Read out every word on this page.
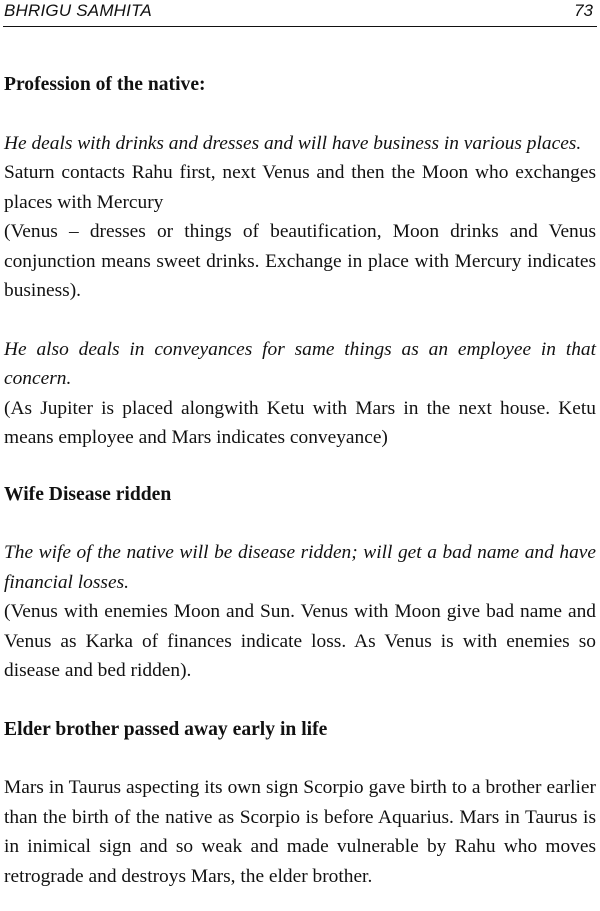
BHRIGU SAMHITA	73
Profession of the native:

He deals with drinks and dresses and will have business in various places.

Saturn contacts Rahu first, next Venus and then the Moon who exchanges places with Mercury

(Venus – dresses or things of beautification, Moon drinks and Venus conjunction means sweet drinks. Exchange in place with Mercury indicates business).

He also deals in conveyances for same things as an employee in that concern.

(As Jupiter is placed alongwith Ketu with Mars in the next house. Ketu means employee and Mars indicates conveyance)

Wife Disease ridden

The wife of the native will be disease ridden; will get a bad name and have financial losses.

(Venus with enemies Moon and Sun. Venus with Moon give bad name and Venus as Karka of finances indicate loss. As Venus is with enemies so disease and bed ridden).

Elder brother passed away early in life

Mars in Taurus aspecting its own sign Scorpio gave birth to a brother earlier than the birth of the native as Scorpio is before Aquarius. Mars in Taurus is in inimical sign and so weak and made vulnerable by Rahu who moves retrograde and destroys Mars, the elder brother.
